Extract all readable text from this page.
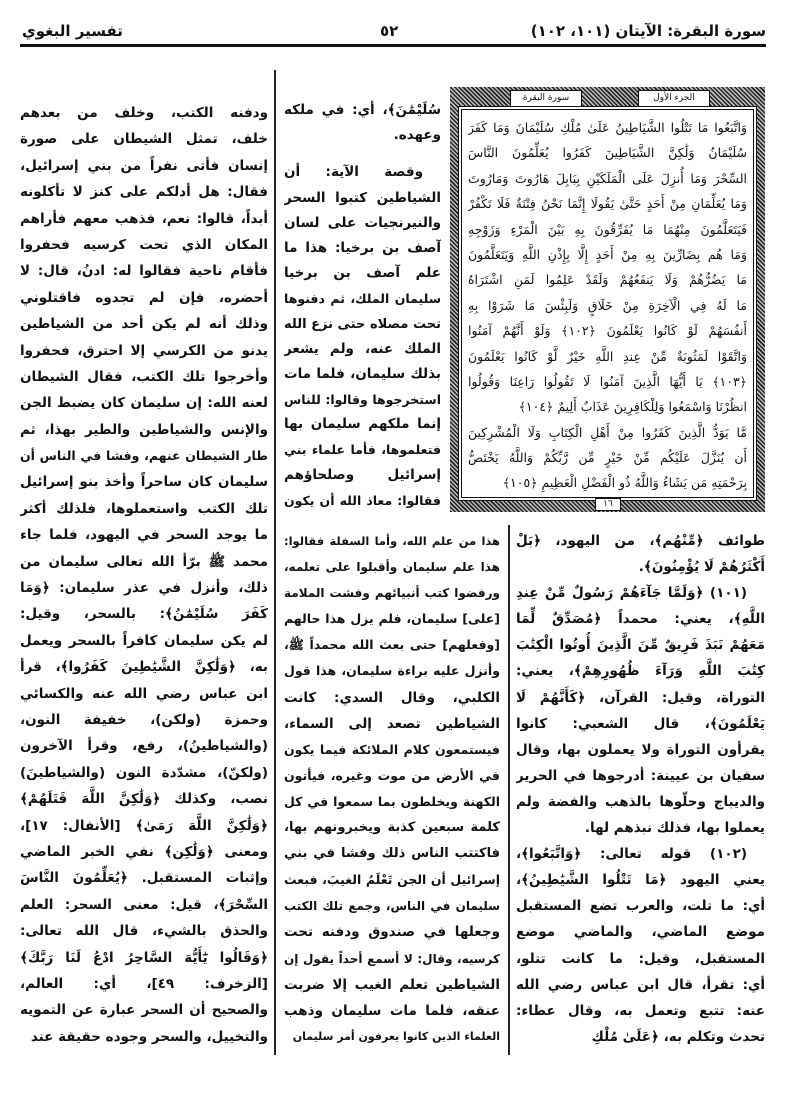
سورة البقرة: الآيتان (١٠١، ١٠٢)
٥٢
تفسير البغوي
الجزء الأول
سورة البقرة
وَاتَّبَعُوا مَا تَتْلُوا الشَّيَاطِينُ عَلَىٰ مُلْكِ سُلَيْمَانَ وَمَا كَفَرَ
سُلَيْمَانُ وَلَٰكِنَّ الشَّيَاطِينَ كَفَرُوا يُعَلِّمُونَ النَّاسَ
السِّحْرَ وَمَا أُنزِلَ عَلَى الْمَلَكَيْنِ بِبَابِلَ هَارُوتَ وَمَارُوتَ
وَمَا يُعَلِّمَانِ مِنْ أَحَدٍ حَتَّىٰ يَقُولَا إِنَّمَا نَحْنُ فِتْنَةٌ فَلَا تَكْفُرْ
فَيَتَعَلَّمُونَ مِنْهُمَا مَا يُفَرِّقُونَ بِهِ بَيْنَ الْمَرْءِ وَزَوْجِهِ
وَمَا هُم بِضَارِّينَ بِهِ مِنْ أَحَدٍ إِلَّا بِإِذْنِ اللَّهِ وَيَتَعَلَّمُونَ
مَا يَضُرُّهُمْ وَلَا يَنفَعُهُمْ وَلَقَدْ عَلِمُوا لَمَنِ اشْتَرَاهُ
مَا لَهُ فِي الْآخِرَةِ مِنْ خَلَاقٍ وَلَبِئْسَ مَا شَرَوْا بِهِ
أَنفُسَهُمْ لَوْ كَانُوا يَعْلَمُونَ ﴿١٠٢﴾ وَلَوْ أَنَّهُمْ آمَنُوا
وَاتَّقَوْا لَمَثُوبَةٌ مِّنْ عِندِ اللَّهِ خَيْرٌ لَّوْ كَانُوا يَعْلَمُونَ
﴿١٠٣﴾ يَا أَيُّهَا الَّذِينَ آمَنُوا لَا تَقُولُوا رَاعِنَا وَقُولُوا
انظُرْنَا وَاسْمَعُوا وَلِلْكَافِرِينَ عَذَابٌ أَلِيمٌ ﴿١٠٤﴾
مَّا يَوَدُّ الَّذِينَ كَفَرُوا مِنْ أَهْلِ الْكِتَابِ وَلَا الْمُشْرِكِينَ
أَن يُنَزَّلَ عَلَيْكُم مِّنْ خَيْرٍ مِّن رَّبِّكُمْ وَاللَّهُ يَخْتَصُّ
بِرَحْمَتِهِ مَن يَشَاءُ وَاللَّهُ ذُو الْفَضْلِ الْعَظِيمِ ﴿١٠٥﴾
١٦
سُلَيْمَٰنَ﴾، أي: في ملكه
وعهده.
وقصة الآية: أن
الشياطين كتبوا السحر
والنيرنجيات على لسان
آصف بن برخيا: هذا ما
علم آصف بن برخيا
سليمان الملك، ثم دفنوها
تحت مصلاه حتى نزع الله
الملك عنه، ولم يشعر
بذلك سليمان، فلما مات
استخرجوها وقالوا: للناس
إنما ملكهم سليمان بها
فتعلموها، فأما علماء بني
إسرائيل وصلحاؤهم
فقالوا: معاذ الله أن يكون
هذا من علم الله، وأما السفلة فقالوا:
هذا علم سليمان وأقبلوا على تعلمه،
ورفضوا كتب أنبيائهم وفشت الملامة
[على] سليمان، فلم يزل هذا حالهم
[وفعلهم] حتى بعث الله محمداً ﷺ،
وأنزل عليه براءة سليمان، هذا قول
الكلبي، وقال السدي: كانت
الشياطين تصعد إلى السماء،
فيستمعون كلام الملائكة فيما يكون
في الأرض من موت وغيره، فيأتون
الكهنة ويخلطون بما سمعوا في كل
كلمة سبعين كذبة ويخبرونهم بها،
فاكتتب الناس ذلك وفشا في بني
إسرائيل أن الجن تَعْلَمُ الغيبَ، فبعث
سليمان في الناس، وجمع تلك الكتب
وجعلها في صندوق ودفنه تحت
كرسيه، وقال: لا أسمع أحداً يقول إن
الشياطين تعلم الغيب إلا ضربت
عنقه، فلما مات سليمان وذهب
العلماء الذين كانوا يعرفون أمر سليمان
طوائف ﴿مِّنْهُم﴾، من اليهود، ﴿بَلْ
أَكْثَرُهُمْ لَا يُؤْمِنُونَ﴾.
(١٠١) ﴿وَلَمَّا جَآءَهُمْ رَسُولٌ مِّنْ عِندِ
اللَّهِ﴾، يعني: محمداً ﴿مُصَدِّقٌ لِّمَا
مَعَهُمْ نَبَذَ فَرِيقٌ مِّنَ الَّذِينَ أُوتُوا الْكِتَٰبَ
كِتَٰبَ اللَّهِ وَرَآءَ ظُهُورِهِمْ﴾، يعني:
التوراة، وقيل: القرآن، ﴿كَأَنَّهُمْ لَا
يَعْلَمُونَ﴾، قال الشعبي: كانوا
يقرأون التوراة ولا يعملون بها، وقال
سفيان بن عيينة: أدرجوها في الحرير
والديباج وحلّوها بالذهب والفضة ولم
يعملوا بها، فذلك نبذهم لها.
(١٠٢) قوله تعالى: ﴿وَاتَّبَعُوا﴾،
يعني اليهود ﴿مَا تَتْلُوا الشَّيَٰطِينُ﴾،
أي: ما تلت، والعرب تضع المستقبل
موضع الماضي، والماضي موضع
المستقبل، وقيل: ما كانت تتلو،
أي: تقرأ، قال ابن عباس رضي الله
عنه: تتبع وتعمل به، وقال عطاء:
تحدث وتكلم به، ﴿عَلَىٰ مُلْكِ
ودفنه الكتب، وخلف من بعدهم
خلف، تمثل الشيطان على صورة
إنسان فأتى نفراً من بني إسرائيل،
فقال: هل أدلكم على كنز لا تأكلونه
أبداً، قالوا: نعم، فذهب معهم فأراهم
المكان الذي تحت كرسيه فحفروا
فأقام ناحية فقالوا له: ادنُ، قال: لا
أحضره، فإن لم تجدوه فاقتلوني
وذلك أنه لم يكن أحد من الشياطين
يدنو من الكرسي إلا احترق، فحفروا
وأخرجوا تلك الكتب، فقال الشيطان
لعنه الله: إن سليمان كان يضبط الجن
والإنس والشياطين والطير بهذا، ثم
طار الشيطان عنهم، وفشا في الناس أن
سليمان كان ساحراً وأخذ بنو إسرائيل
تلك الكتب واستعملوها، فلذلك أكثر
ما يوجد السحر في اليهود، فلما جاء
محمد ﷺ برّأ الله تعالى سليمان من
ذلك، وأنزل في عذر سليمان: ﴿وَمَا
كَفَرَ سُلَيْمَٰنُ﴾: بالسحر، وقيل:
لم يكن سليمان كافراً بالسحر ويعمل
به، ﴿وَلَٰكِنَّ الشَّيَٰطِينَ كَفَرُوا﴾، قرأ
ابن عباس رضي الله عنه والكسائي
وحمزة (ولكن)، خفيفة النون،
(والشياطينُ)، رفع، وقرأ الآخرون
(ولكنّ)، مشدّدة النون (والشياطينَ)
نصب، وكذلك ﴿وَلَٰكِنَّ اللَّهَ قَتَلَهُمْ﴾
﴿وَلَٰكِنَّ اللَّهَ رَمَىٰ﴾ [الأنفال: ١٧]،
ومعنى ﴿وَلَٰكِن﴾ نفي الخبر الماضي
وإثبات المستقبل. ﴿يُعَلِّمُونَ النَّاسَ
السِّحْرَ﴾، قيل: معنى السحر: العلم
والحذق بالشيء، قال الله تعالى:
﴿وَقَالُوا يَٰٓأَيُّهَ السَّاحِرُ ادْعُ لَنَا رَبَّكَ﴾
[الزخرف: ٤٩]، أي: العالم،
والصحيح أن السحر عبارة عن التمويه
والتخييل، والسحر وجوده حقيقة عند
